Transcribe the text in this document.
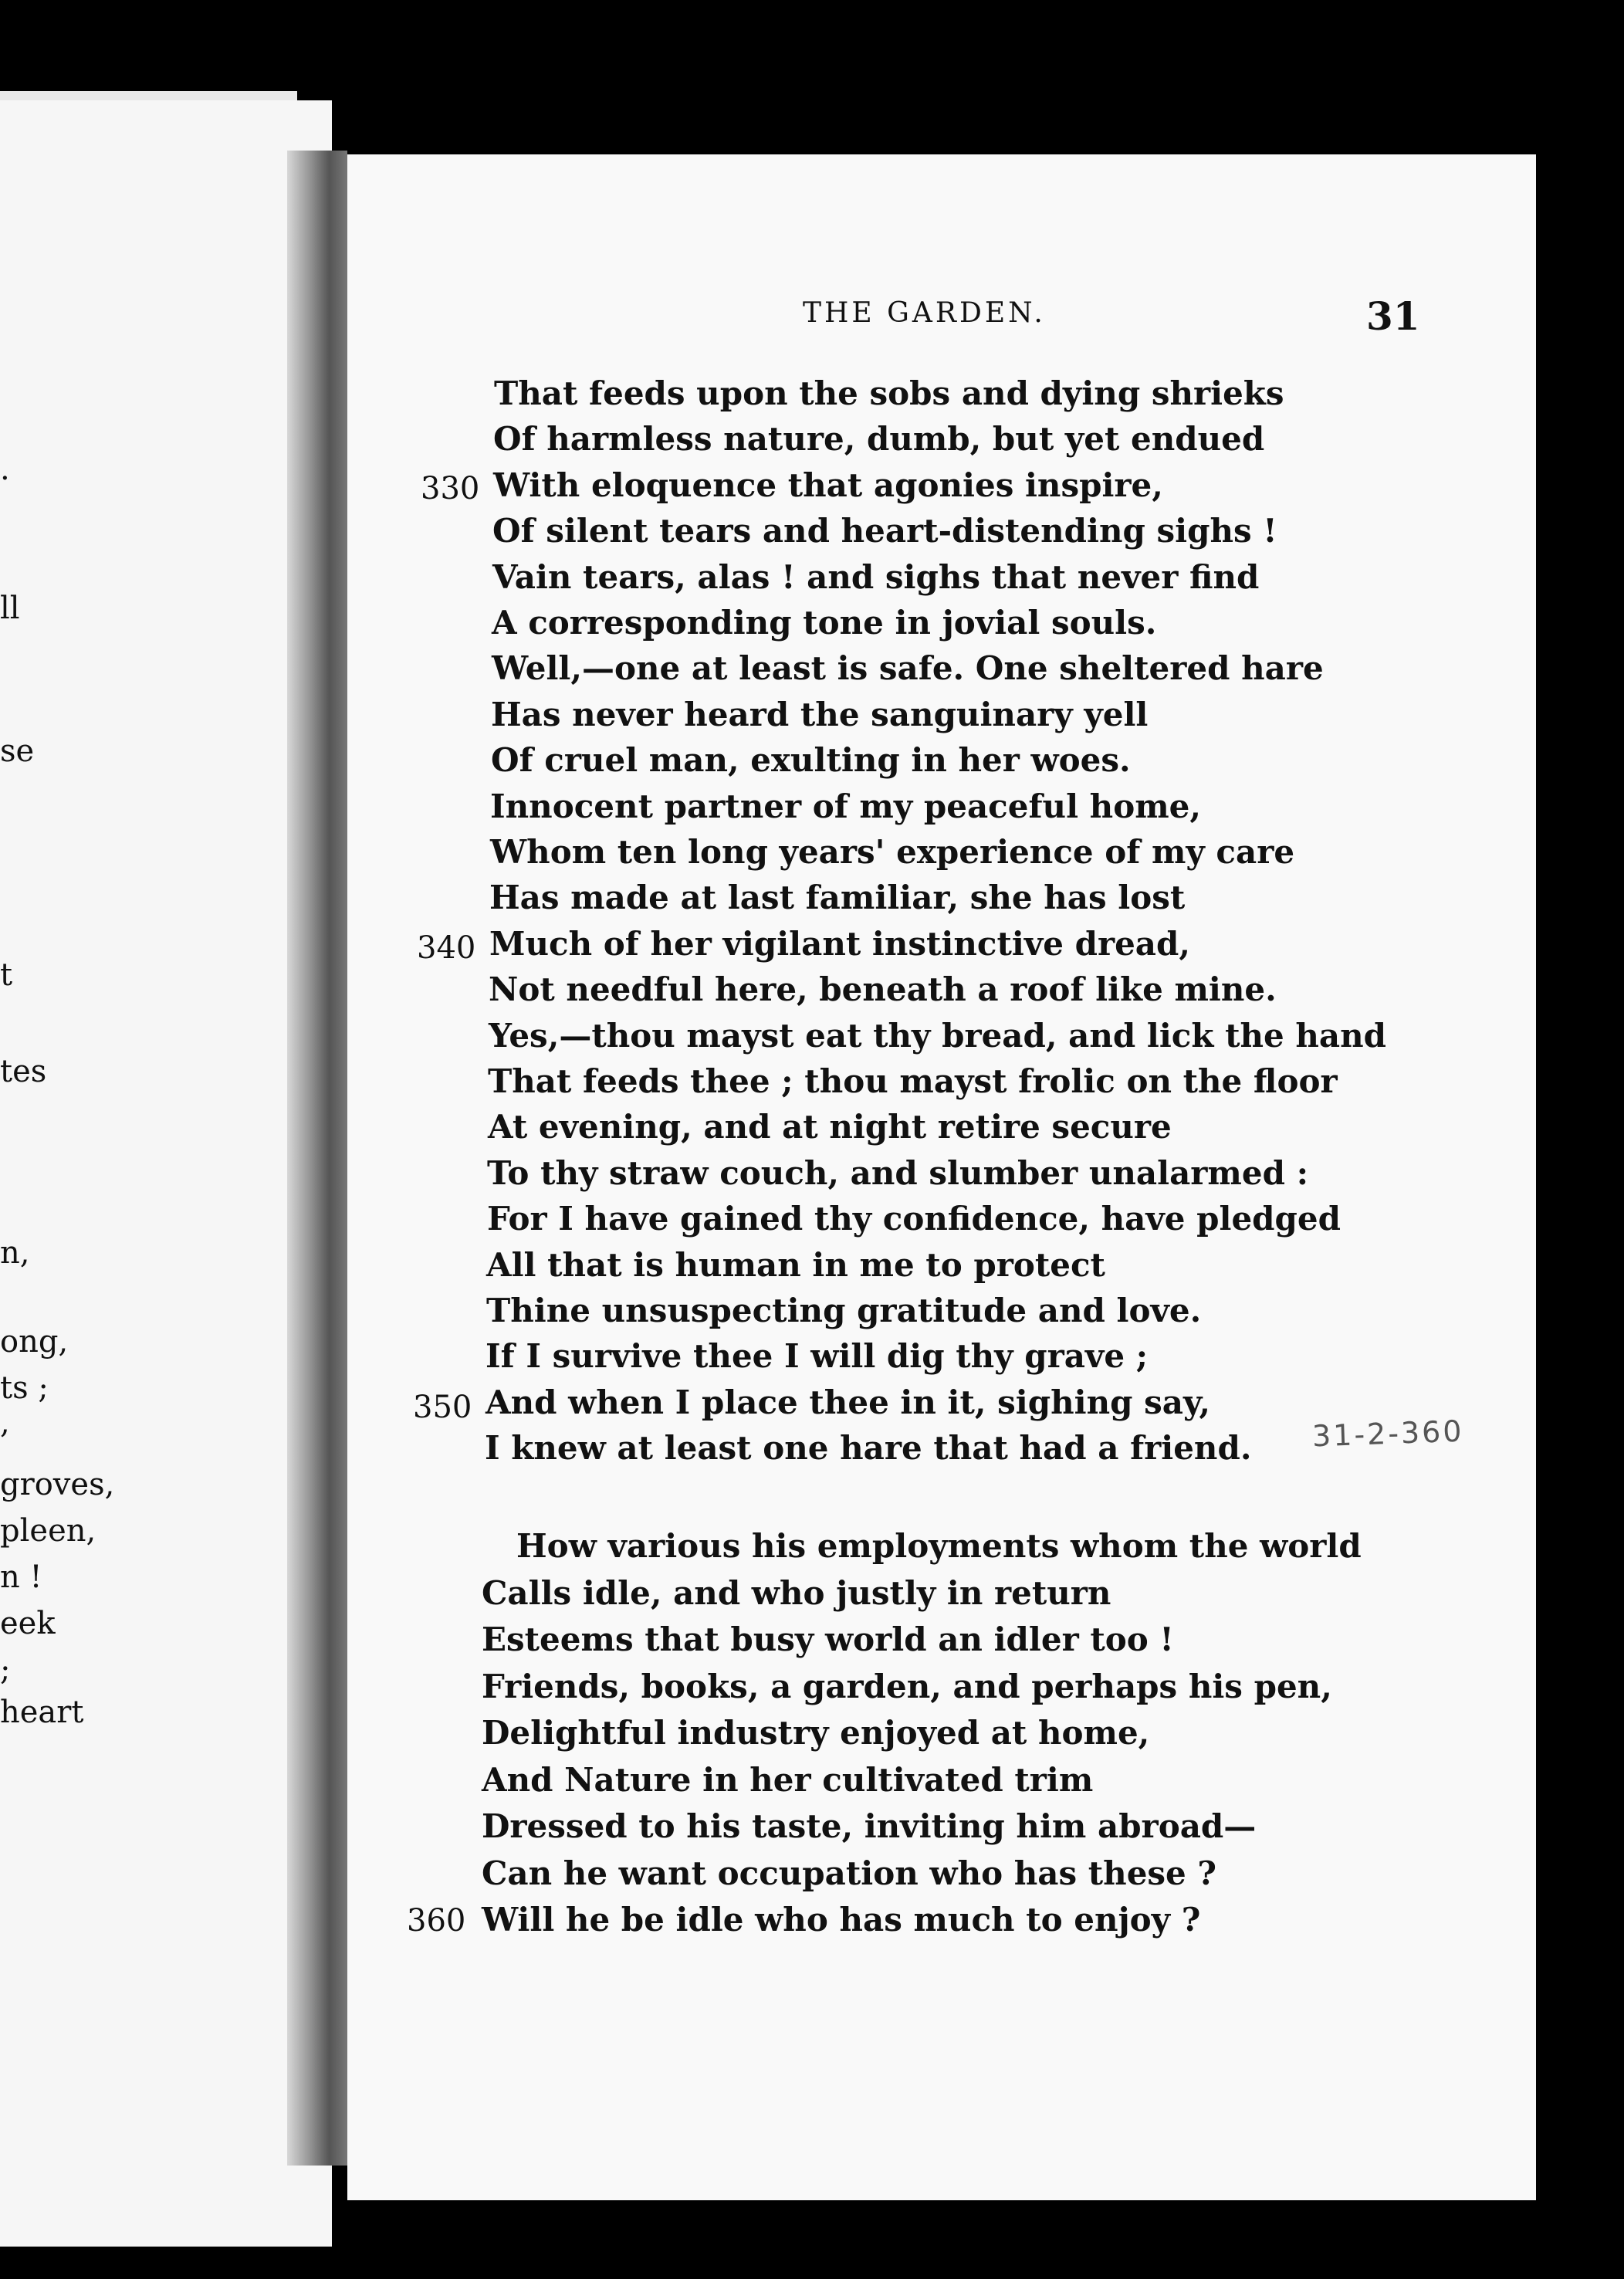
.
ll
se
t
tes
n,
ong,
ts ;
,
groves,
pleen,
n !
eek
;
heart
THE GARDEN.	31
That feeds upon the sobs and dying shrieks
Of harmless nature, dumb, but yet endued
With eloquence that agonies inspire,
Of silent tears and heart-distending sighs !
Vain tears, alas ! and sighs that never find
A corresponding tone in jovial souls.
Well,—one at least is safe. One sheltered hare
Has never heard the sanguinary yell
Of cruel man, exulting in her woes.
Innocent partner of my peaceful home,
Whom ten long years' experience of my care
Has made at last familiar, she has lost
Much of her vigilant instinctive dread,
Not needful here, beneath a roof like mine.
Yes,—thou mayst eat thy bread, and lick the hand
That feeds thee ; thou mayst frolic on the floor
At evening, and at night retire secure
To thy straw couch, and slumber unalarmed :
For I have gained thy confidence, have pledged
All that is human in me to protect
Thine unsuspecting gratitude and love.
If I survive thee I will dig thy grave ;
And when I place thee in it, sighing say,
I knew at least one hare that had a friend.
How various his employments whom the world
Calls idle, and who justly in return
Esteems that busy world an idler too !
Friends, books, a garden, and perhaps his pen,
Delightful industry enjoyed at home,
And Nature in her cultivated trim
Dressed to his taste, inviting him abroad—
Can he want occupation who has these ?
Will he be idle who has much to enjoy ?
330
340
350
360
31-2-360
